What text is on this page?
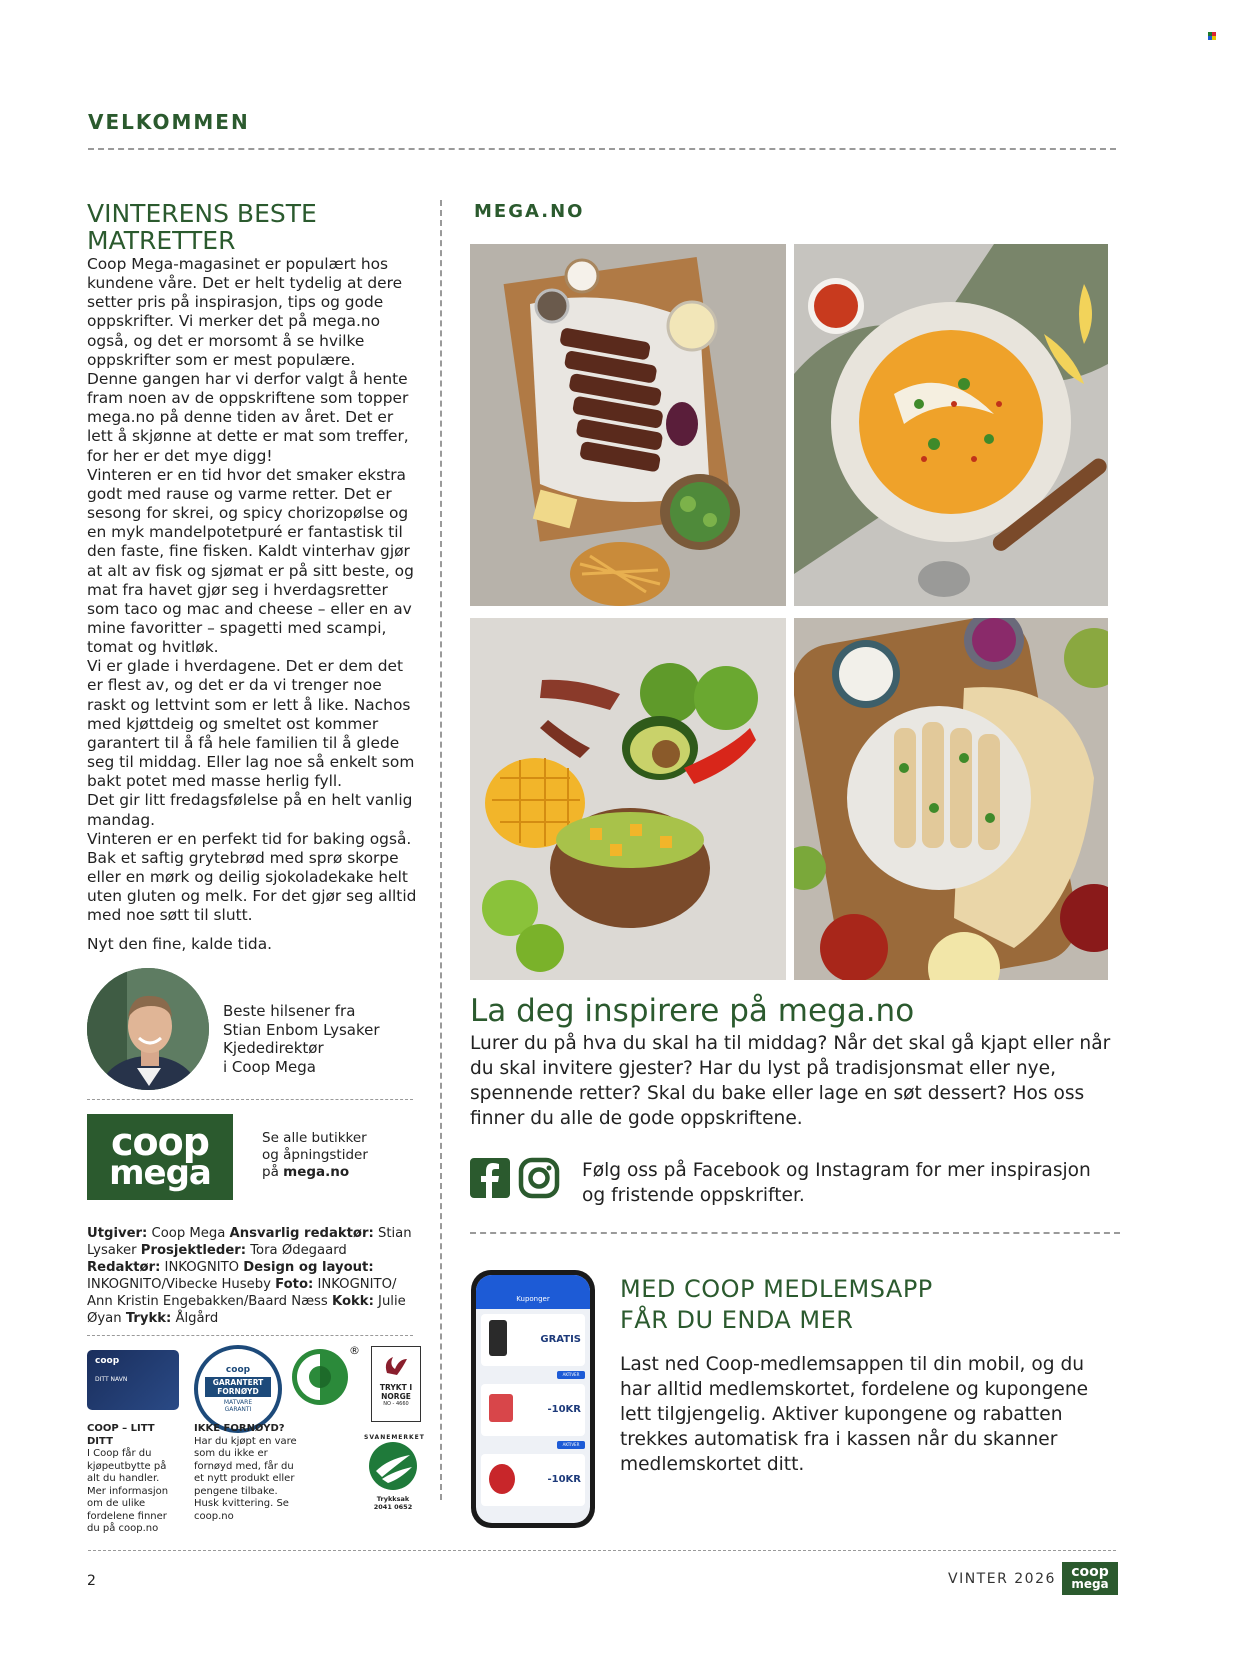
VELKOMMEN
VINTERENS BESTE MATRETTER

Coop Mega-magasinet er populært hos kundene våre. Det er helt tydelig at dere setter pris på inspirasjon, tips og gode oppskrifter. Vi merker det på mega.no også, og det er morsomt å se hvilke oppskrifter som er mest populære.

Denne gangen har vi derfor valgt å hente fram noen av de oppskriftene som topper mega.no på denne tiden av året. Det er lett å skjønne at dette er mat som treffer, for her er det mye digg!

Vinteren er en tid hvor det smaker ekstra godt med rause og varme retter. Det er sesong for skrei, og spicy chorizopølse og en myk mandelpotetpuré er fantastisk til den faste, fine fisken. Kaldt vinterhav gjør at alt av fisk og sjømat er på sitt beste, og mat fra havet gjør seg i hverdagsretter som taco og mac and cheese – eller en av mine favoritter – spagetti med scampi, tomat og hvitløk.

Vi er glade i hverdagene. Det er dem det er flest av, og det er da vi trenger noe raskt og lettvint som er lett å like. Nachos med kjøttdeig og smeltet ost kommer garantert til å få hele familien til å glede seg til middag. Eller lag noe så enkelt som bakt potet med masse herlig fyll.

Det gir litt fredagsfølelse på en helt vanlig mandag.

Vinteren er en perfekt tid for baking også. Bak et saftig grytebrød med sprø skorpe eller en mørk og deilig sjokoladekake helt uten gluten og melk. For det gjør seg alltid med noe søtt til slutt.

Nyt den fine, kalde tida.

Beste hilsener fra
Stian Enbom Lysaker
Kjededirektør
i Coop Mega
coop
mega
Se alle butikker
og åpningstider
på mega.no
Utgiver: Coop Mega Ansvarlig redaktør: Stian Lysaker Prosjektleder: Tora Ødegaard Redaktør: INKOGNITO Design og layout: INKOGNITO/Vibecke Huseby Foto: INKOGNITO/ Ann Kristin Engebakken/Baard Næss Kokk: Julie Øyan Trykk: Ålgård
coop
DITT NAVN
coop
GARANTERT FORNØYD
MATVARE GARANTI
®
TRYKT I
NORGE
NO - 4660
COOP – LITT DITT
I Coop får du kjøpeutbytte på alt du handler. Mer informasjon om de ulike fordelene finner du på coop.no
IKKE FORNØYD?
Har du kjøpt en vare som du ikke er fornøyd med, får du et nytt produkt eller pengene tilbake. Husk kvittering. Se coop.no
SVANEMERKET
Trykksak
2041 0652
MEGA.NO
La deg inspirere på mega.no
Lurer du på hva du skal ha til middag? Når det skal gå kjapt eller når du skal invitere gjester? Har du lyst på tradisjonsmat eller nye, spennende retter? Skal du bake eller lage en søt dessert? Hos oss finner du alle de gode oppskriftene.
Følg oss på Facebook og Instagram for mer inspirasjon og fristende oppskrifter.
Kuponger
GRATIS
AKTIVER
-10KR
AKTIVER
-10KR
MED COOP MEDLEMSAPP
FÅR DU ENDA MER
Last ned Coop-medlemsappen til din mobil, og du har alltid medlemskortet, fordelene og kupongene lett tilgjengelig. Aktiver kupongene og rabatten trekkes automatisk fra i kassen når du skanner medlemskortet ditt.
2	VINTER 2026 coop
mega
